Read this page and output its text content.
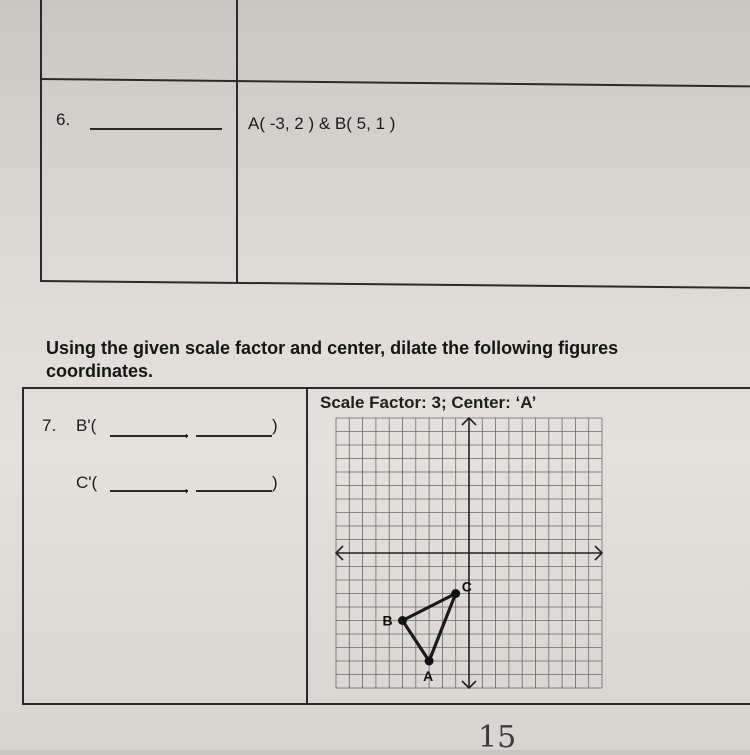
6.	A( -3, 2 ) & B( 5, 1 )
Using the given scale factor and center, dilate the following figures
coordinates.
7. B'(	,	)
C'(	,	)
Scale Factor: 3; Center: ‘A’
A
B
C
15
